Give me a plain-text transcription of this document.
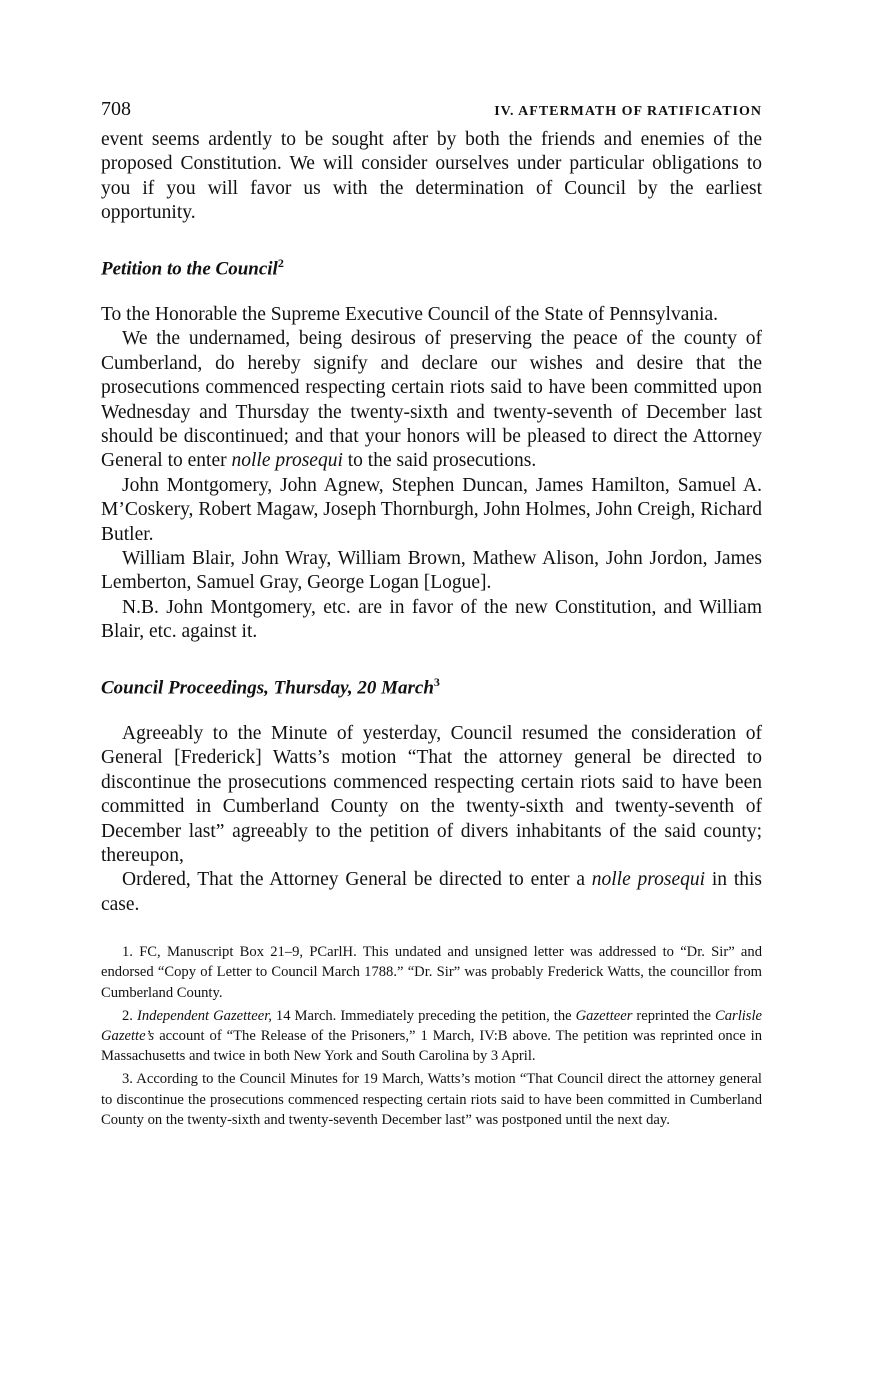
708	IV. AFTERMATH OF RATIFICATION

event seems ardently to be sought after by both the friends and enemies of the proposed Constitution. We will consider ourselves under particular obligations to you if you will favor us with the determination of Council by the earliest opportunity.

Petition to the Council$^2$

To the Honorable the Supreme Executive Council of the State of Pennsylvania.

We the undernamed, being desirous of preserving the peace of the county of Cumberland, do hereby signify and declare our wishes and desire that the prosecutions commenced respecting certain riots said to have been committed upon Wednesday and Thursday the twenty-sixth and twenty-seventh of December last should be discontinued; and that your honors will be pleased to direct the Attorney General to enter nolle prosequi to the said prosecutions.

John Montgomery, John Agnew, Stephen Duncan, James Hamilton, Samuel A. M’Coskery, Robert Magaw, Joseph Thornburgh, John Holmes, John Creigh, Richard Butler.

William Blair, John Wray, William Brown, Mathew Alison, John Jordon, James Lemberton, Samuel Gray, George Logan [Logue].

N.B. John Montgomery, etc. are in favor of the new Constitution, and William Blair, etc. against it.

Council Proceedings, Thursday, 20 March$^3$

Agreeably to the Minute of yesterday, Council resumed the consideration of General [Frederick] Watts’s motion “That the attorney general be directed to discontinue the prosecutions commenced respecting certain riots said to have been committed in Cumberland County on the twenty-sixth and twenty-seventh of December last” agreeably to the petition of divers inhabitants of the said county; thereupon,

Ordered, That the Attorney General be directed to enter a nolle prosequi in this case.

1. FC, Manuscript Box 21–9, PCarlH. This undated and unsigned letter was addressed to “Dr. Sir” and endorsed “Copy of Letter to Council March 1788.” “Dr. Sir” was probably Frederick Watts, the councillor from Cumberland County.

2. Independent Gazetteer, 14 March. Immediately preceding the petition, the Gazetteer reprinted the Carlisle Gazette’s account of “The Release of the Prisoners,” 1 March, IV:B above. The petition was reprinted once in Massachusetts and twice in both New York and South Carolina by 3 April.

3. According to the Council Minutes for 19 March, Watts’s motion “That Council direct the attorney general to discontinue the prosecutions commenced respecting certain riots said to have been committed in Cumberland County on the twenty-sixth and twenty-seventh December last” was postponed until the next day.
